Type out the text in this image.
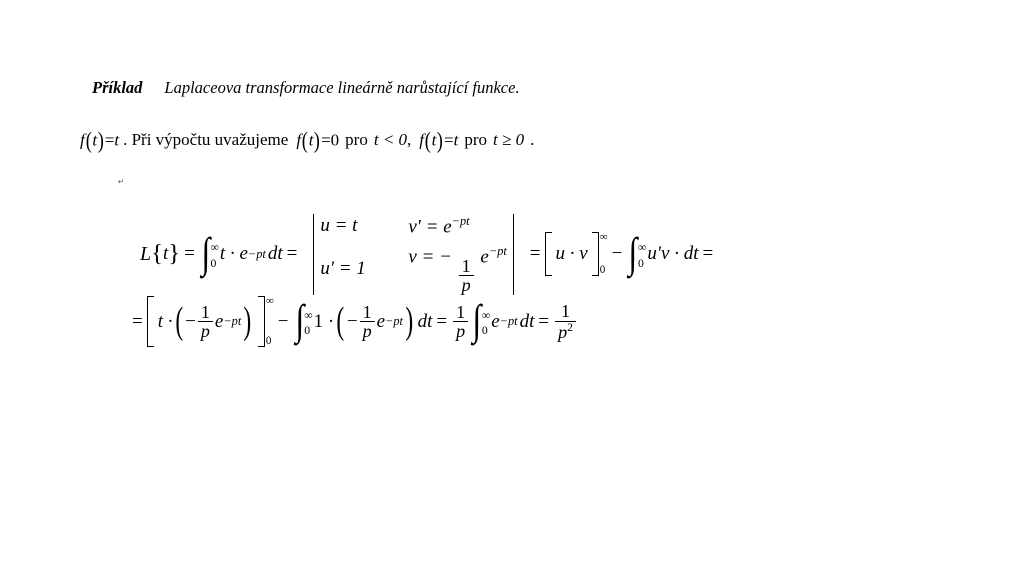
Příklad Laplaceova transformace lineárně narůstající funkce.
f(t)=t . Při výpočtu uvažujeme f(t)=0 pro t < 0 , f(t)=t pro t ≥ 0 .
↵
L { t } = ∫ ∞
0 t · e −pt dt =
u = t	$v' = e^{-pt}$
u′ = 1
v = − $\frac{1}{p} e^{-pt} = u \cdot v$
∞
0
− ∫ ∞
0 u′v · dt =
= t · ( − $\frac{1}{p}$ e −pt ) ∞
0
− ∫ ∞
0 1 · ( − $\frac{1}{p}$ e −pt ) dt = $\frac{1}{p}$ ∫ ∞
0 e −pt dt = $\frac{1}{p^2}$
